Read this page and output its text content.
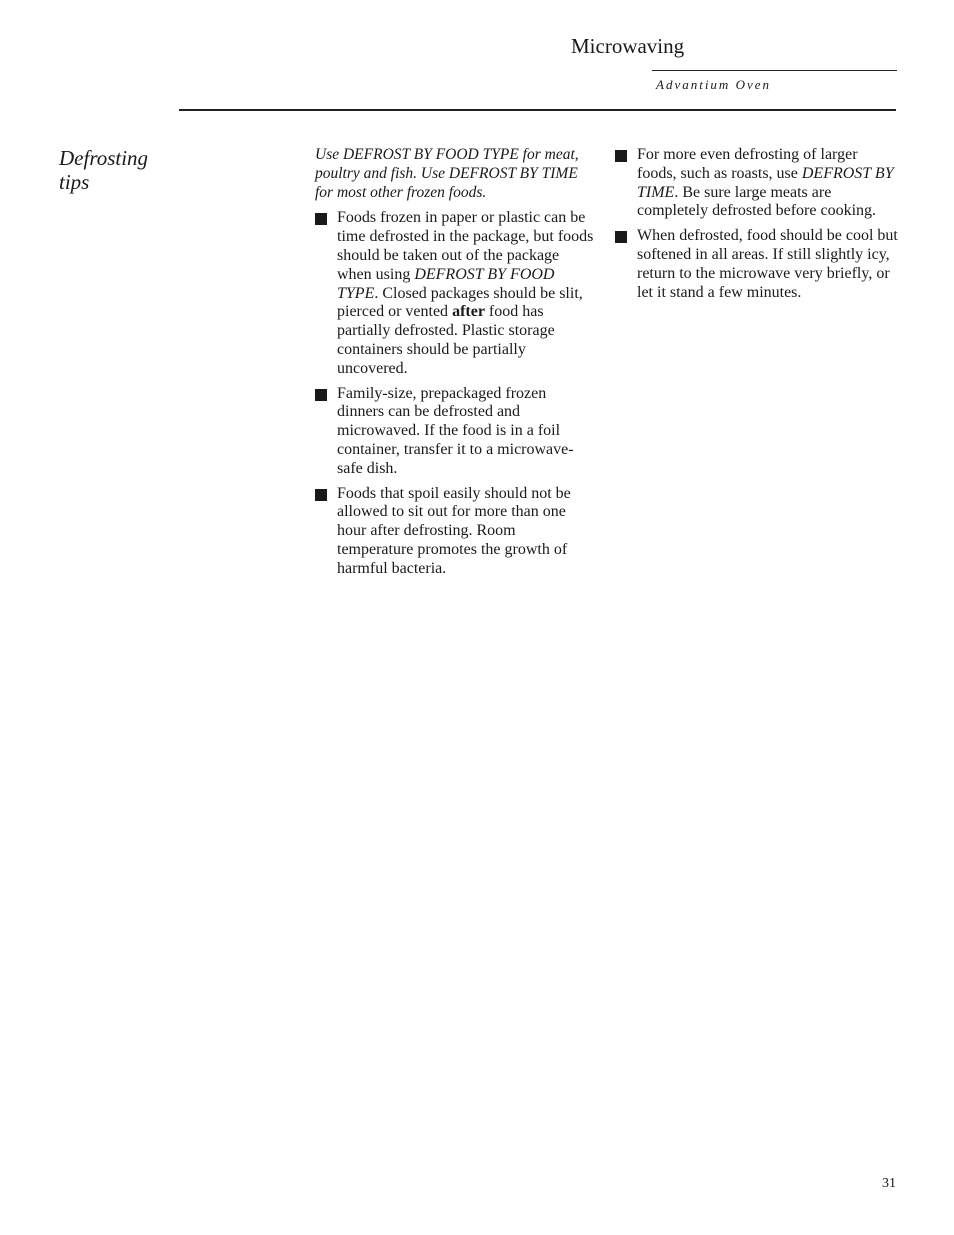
Microwaving
Advantium Oven
Defrosting
tips

Use DEFROST BY FOOD TYPE for meat, poultry and fish. Use DEFROST BY TIME for most other frozen foods.

Foods frozen in paper or plastic can be time defrosted in the package, but foods should be taken out of the package when using DEFROST BY FOOD TYPE. Closed packages should be slit, pierced or vented after food has partially defrosted. Plastic storage containers should be partially uncovered.
Family-size, prepackaged frozen dinners can be defrosted and microwaved. If the food is in a foil container, transfer it to a microwave-safe dish.
Foods that spoil easily should not be allowed to sit out for more than one hour after defrosting. Room temperature promotes the growth of harmful bacteria.
For more even defrosting of larger foods, such as roasts, use DEFROST BY TIME. Be sure large meats are completely defrosted before cooking.
When defrosted, food should be cool but softened in all areas. If still slightly icy, return to the microwave very briefly, or let it stand a few minutes.
31
